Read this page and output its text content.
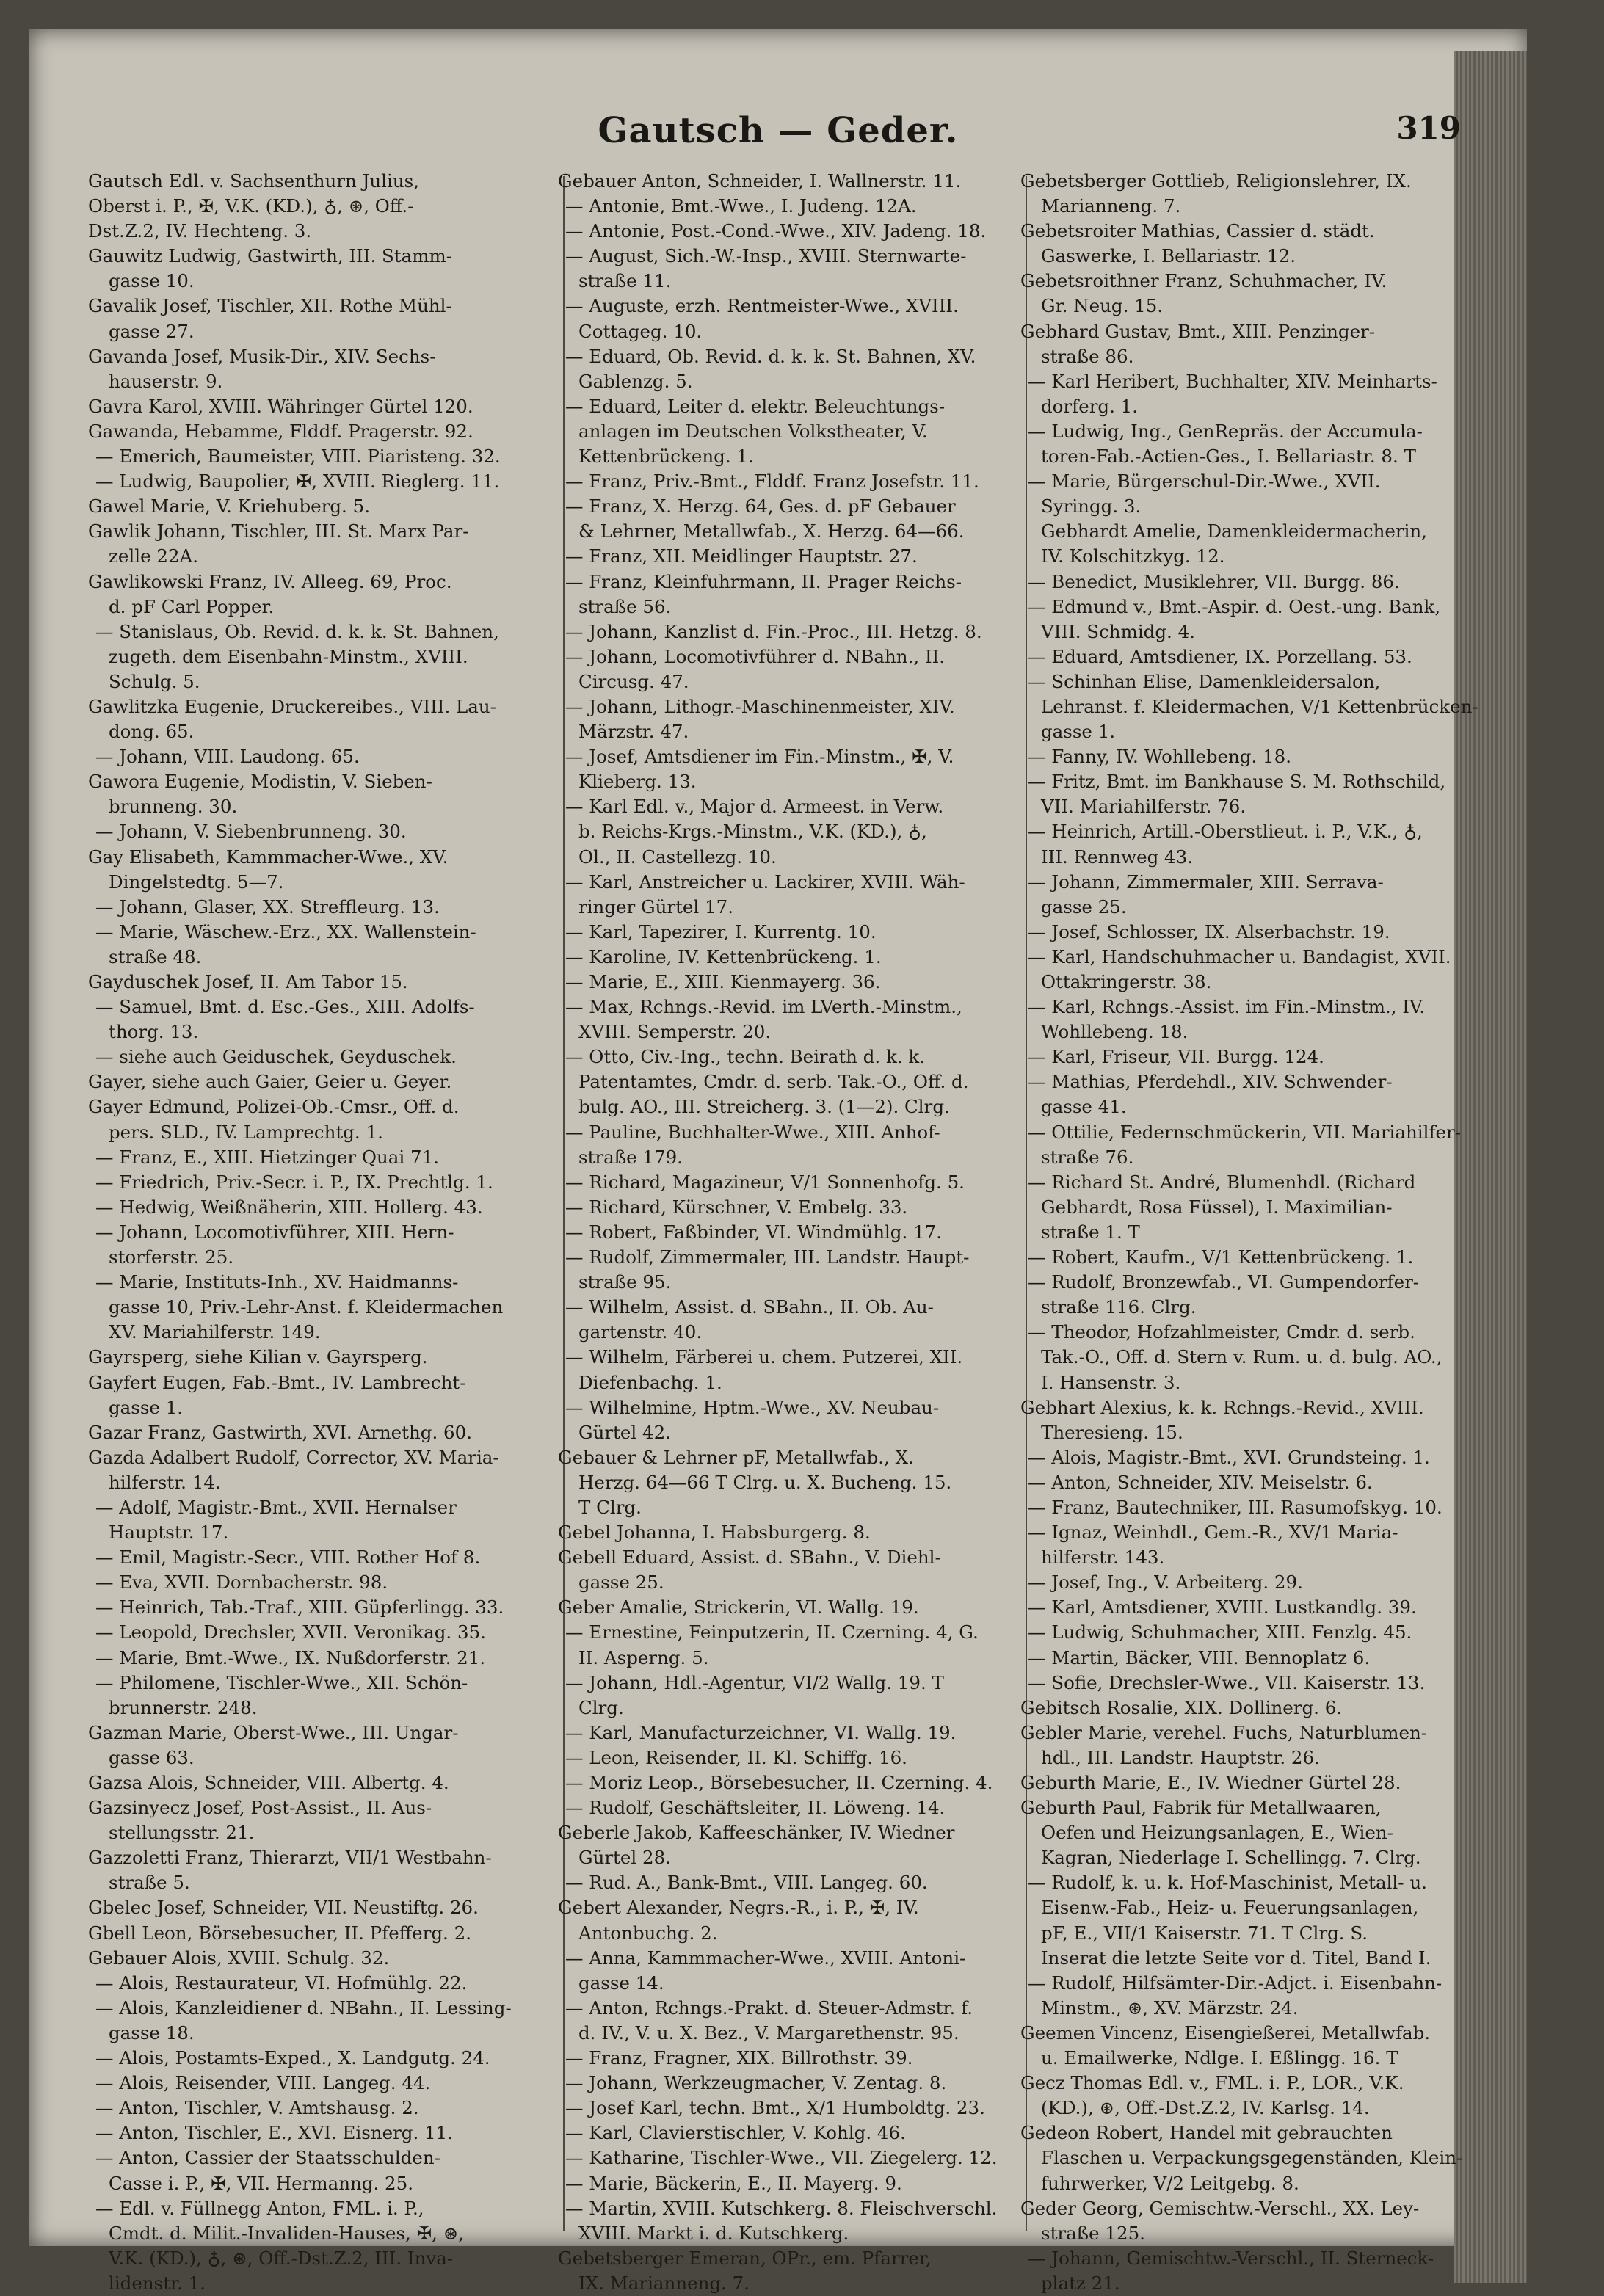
Gautsch — Geder.	319
Gautsch Edl. v. Sachsenthurn Julius,
Oberst i. P., ✠, V.K. (KD.), ♁, ⊛, Off.-
Dst.Z.2, IV. Hechteng. 3.
Gauwitz Ludwig, Gastwirth, III. Stamm-
gasse 10.
Gavalik Josef, Tischler, XII. Rothe Mühl-
gasse 27.
Gavanda Josef, Musik-Dir., XIV. Sechs-
hauserstr. 9.
Gavra Karol, XVIII. Währinger Gürtel 120.
Gawanda, Hebamme, Flddf. Pragerstr. 92.
— Emerich, Baumeister, VIII. Piaristeng. 32.
— Ludwig, Baupolier, ✠, XVIII. Rieglerg. 11.
Gawel Marie, V. Kriehuberg. 5.
Gawlik Johann, Tischler, III. St. Marx Par-
zelle 22A.
Gawlikowski Franz, IV. Alleeg. 69, Proc.
d. pF Carl Popper.
— Stanislaus, Ob. Revid. d. k. k. St. Bahnen,
zugeth. dem Eisenbahn-Minstm., XVIII.
Schulg. 5.
Gawlitzka Eugenie, Druckereibes., VIII. Lau-
dong. 65.
— Johann, VIII. Laudong. 65.
Gawora Eugenie, Modistin, V. Sieben-
brunneng. 30.
— Johann, V. Siebenbrunneng. 30.
Gay Elisabeth, Kammmacher-Wwe., XV.
Dingelstedtg. 5—7.
— Johann, Glaser, XX. Streffleurg. 13.
— Marie, Wäschew.-Erz., XX. Wallenstein-
straße 48.
Gayduschek Josef, II. Am Tabor 15.
— Samuel, Bmt. d. Esc.-Ges., XIII. Adolfs-
thorg. 13.
— siehe auch Geiduschek, Geyduschek.
Gayer, siehe auch Gaier, Geier u. Geyer.
Gayer Edmund, Polizei-Ob.-Cmsr., Off. d.
pers. SLD., IV. Lamprechtg. 1.
— Franz, E., XIII. Hietzinger Quai 71.
— Friedrich, Priv.-Secr. i. P., IX. Prechtlg. 1.
— Hedwig, Weißnäherin, XIII. Hollerg. 43.
— Johann, Locomotivführer, XIII. Hern-
storferstr. 25.
— Marie, Instituts-Inh., XV. Haidmanns-
gasse 10, Priv.-Lehr-Anst. f. Kleidermachen
XV. Mariahilferstr. 149.
Gayrsperg, siehe Kilian v. Gayrsperg.
Gayfert Eugen, Fab.-Bmt., IV. Lambrecht-
gasse 1.
Gazar Franz, Gastwirth, XVI. Arnethg. 60.
Gazda Adalbert Rudolf, Corrector, XV. Maria-
hilferstr. 14.
— Adolf, Magistr.-Bmt., XVII. Hernalser
Hauptstr. 17.
— Emil, Magistr.-Secr., VIII. Rother Hof 8.
— Eva, XVII. Dornbacherstr. 98.
— Heinrich, Tab.-Traf., XIII. Güpferlingg. 33.
— Leopold, Drechsler, XVII. Veronikag. 35.
— Marie, Bmt.-Wwe., IX. Nußdorferstr. 21.
— Philomene, Tischler-Wwe., XII. Schön-
brunnerstr. 248.
Gazman Marie, Oberst-Wwe., III. Ungar-
gasse 63.
Gazsa Alois, Schneider, VIII. Albertg. 4.
Gazsinyecz Josef, Post-Assist., II. Aus-
stellungsstr. 21.
Gazzoletti Franz, Thierarzt, VII/1 Westbahn-
straße 5.
Gbelec Josef, Schneider, VII. Neustiftg. 26.
Gbell Leon, Börsebesucher, II. Pfefferg. 2.
Gebauer Alois, XVIII. Schulg. 32.
— Alois, Restaurateur, VI. Hofmühlg. 22.
— Alois, Kanzleidiener d. NBahn., II. Lessing-
gasse 18.
— Alois, Postamts-Exped., X. Landgutg. 24.
— Alois, Reisender, VIII. Langeg. 44.
— Anton, Tischler, V. Amtshausg. 2.
— Anton, Tischler, E., XVI. Eisnerg. 11.
— Anton, Cassier der Staatsschulden-
Casse i. P., ✠, VII. Hermanng. 25.
— Edl. v. Füllnegg Anton, FML. i. P.,
Cmdt. d. Milit.-Invaliden-Hauses, ✠, ⊛,
V.K. (KD.), ♁, ⊛, Off.-Dst.Z.2, III. Inva-
lidenstr. 1.
Gebauer Anton, Schneider, I. Wallnerstr. 11.
— Antonie, Bmt.-Wwe., I. Judeng. 12A.
— Antonie, Post.-Cond.-Wwe., XIV. Jadeng. 18.
— August, Sich.-W.-Insp., XVIII. Sternwarte-
straße 11.
— Auguste, erzh. Rentmeister-Wwe., XVIII.
Cottageg. 10.
— Eduard, Ob. Revid. d. k. k. St. Bahnen, XV.
Gablenzg. 5.
— Eduard, Leiter d. elektr. Beleuchtungs-
anlagen im Deutschen Volkstheater, V.
Kettenbrückeng. 1.
— Franz, Priv.-Bmt., Flddf. Franz Josefstr. 11.
— Franz, X. Herzg. 64, Ges. d. pF Gebauer
& Lehrner, Metallwfab., X. Herzg. 64—66.
— Franz, XII. Meidlinger Hauptstr. 27.
— Franz, Kleinfuhrmann, II. Prager Reichs-
straße 56.
— Johann, Kanzlist d. Fin.-Proc., III. Hetzg. 8.
— Johann, Locomotivführer d. NBahn., II.
Circusg. 47.
— Johann, Lithogr.-Maschinenmeister, XIV.
Märzstr. 47.
— Josef, Amtsdiener im Fin.-Minstm., ✠, V.
Klieberg. 13.
— Karl Edl. v., Major d. Armeest. in Verw.
b. Reichs-Krgs.-Minstm., V.K. (KD.), ♁,
Ol., II. Castellezg. 10.
— Karl, Anstreicher u. Lackirer, XVIII. Wäh-
ringer Gürtel 17.
— Karl, Tapezirer, I. Kurrentg. 10.
— Karoline, IV. Kettenbrückeng. 1.
— Marie, E., XIII. Kienmayerg. 36.
— Max, Rchngs.-Revid. im LVerth.-Minstm.,
XVIII. Semperstr. 20.
— Otto, Civ.-Ing., techn. Beirath d. k. k.
Patentamtes, Cmdr. d. serb. Tak.-O., Off. d.
bulg. AO., III. Streicherg. 3. (1—2). Clrg.
— Pauline, Buchhalter-Wwe., XIII. Anhof-
straße 179.
— Richard, Magazineur, V/1 Sonnenhofg. 5.
— Richard, Kürschner, V. Embelg. 33.
— Robert, Faßbinder, VI. Windmühlg. 17.
— Rudolf, Zimmermaler, III. Landstr. Haupt-
straße 95.
— Wilhelm, Assist. d. SBahn., II. Ob. Au-
gartenstr. 40.
— Wilhelm, Färberei u. chem. Putzerei, XII.
Diefenbachg. 1.
— Wilhelmine, Hptm.-Wwe., XV. Neubau-
Gürtel 42.
Gebauer & Lehrner pF, Metallwfab., X.
Herzg. 64—66 T Clrg. u. X. Bucheng. 15.
T Clrg.
Gebel Johanna, I. Habsburgerg. 8.
Gebell Eduard, Assist. d. SBahn., V. Diehl-
gasse 25.
Geber Amalie, Strickerin, VI. Wallg. 19.
— Ernestine, Feinputzerin, II. Czerning. 4, G.
II. Asperng. 5.
— Johann, Hdl.-Agentur, VI/2 Wallg. 19. T
Clrg.
— Karl, Manufacturzeichner, VI. Wallg. 19.
— Leon, Reisender, II. Kl. Schiffg. 16.
— Moriz Leop., Börsebesucher, II. Czerning. 4.
— Rudolf, Geschäftsleiter, II. Löweng. 14.
Geberle Jakob, Kaffeeschänker, IV. Wiedner
Gürtel 28.
— Rud. A., Bank-Bmt., VIII. Langeg. 60.
Gebert Alexander, Negrs.-R., i. P., ✠, IV.
Antonbuchg. 2.
— Anna, Kammmacher-Wwe., XVIII. Antoni-
gasse 14.
— Anton, Rchngs.-Prakt. d. Steuer-Admstr. f.
d. IV., V. u. X. Bez., V. Margarethenstr. 95.
— Franz, Fragner, XIX. Billrothstr. 39.
— Johann, Werkzeugmacher, V. Zentag. 8.
— Josef Karl, techn. Bmt., X/1 Humboldtg. 23.
— Karl, Clavierstischler, V. Kohlg. 46.
— Katharine, Tischler-Wwe., VII. Ziegelerg. 12.
— Marie, Bäckerin, E., II. Mayerg. 9.
— Martin, XVIII. Kutschkerg. 8. Fleischverschl.
XVIII. Markt i. d. Kutschkerg.
Gebetsberger Emeran, OPr., em. Pfarrer,
IX. Marianneng. 7.
Gebetsberger Gottlieb, Religionslehrer, IX.
Marianneng. 7.
Gebetsroiter Mathias, Cassier d. städt.
Gaswerke, I. Bellariastr. 12.
Gebetsroithner Franz, Schuhmacher, IV.
Gr. Neug. 15.
Gebhard Gustav, Bmt., XIII. Penzinger-
straße 86.
— Karl Heribert, Buchhalter, XIV. Meinharts-
dorferg. 1.
— Ludwig, Ing., GenRepräs. der Accumula-
toren-Fab.-Actien-Ges., I. Bellariastr. 8. T
— Marie, Bürgerschul-Dir.-Wwe., XVII.
Syringg. 3.
Gebhardt Amelie, Damenkleidermacherin,
IV. Kolschitzkyg. 12.
— Benedict, Musiklehrer, VII. Burgg. 86.
— Edmund v., Bmt.-Aspir. d. Oest.-ung. Bank,
VIII. Schmidg. 4.
— Eduard, Amtsdiener, IX. Porzellang. 53.
— Schinhan Elise, Damenkleidersalon,
Lehranst. f. Kleidermachen, V/1 Kettenbrücken-
gasse 1.
— Fanny, IV. Wohllebeng. 18.
— Fritz, Bmt. im Bankhause S. M. Rothschild,
VII. Mariahilferstr. 76.
— Heinrich, Artill.-Oberstlieut. i. P., V.K., ♁,
III. Rennweg 43.
— Johann, Zimmermaler, XIII. Serrava-
gasse 25.
— Josef, Schlosser, IX. Alserbachstr. 19.
— Karl, Handschuhmacher u. Bandagist, XVII.
Ottakringerstr. 38.
— Karl, Rchngs.-Assist. im Fin.-Minstm., IV.
Wohllebeng. 18.
— Karl, Friseur, VII. Burgg. 124.
— Mathias, Pferdehdl., XIV. Schwender-
gasse 41.
— Ottilie, Federnschmückerin, VII. Mariahilfer-
straße 76.
— Richard St. André, Blumenhdl. (Richard
Gebhardt, Rosa Füssel), I. Maximilian-
straße 1. T
— Robert, Kaufm., V/1 Kettenbrückeng. 1.
— Rudolf, Bronzewfab., VI. Gumpendorfer-
straße 116. Clrg.
— Theodor, Hofzahlmeister, Cmdr. d. serb.
Tak.-O., Off. d. Stern v. Rum. u. d. bulg. AO.,
I. Hansenstr. 3.
Gebhart Alexius, k. k. Rchngs.-Revid., XVIII.
Theresieng. 15.
— Alois, Magistr.-Bmt., XVI. Grundsteing. 1.
— Anton, Schneider, XIV. Meiselstr. 6.
— Franz, Bautechniker, III. Rasumofskyg. 10.
— Ignaz, Weinhdl., Gem.-R., XV/1 Maria-
hilferstr. 143.
— Josef, Ing., V. Arbeiterg. 29.
— Karl, Amtsdiener, XVIII. Lustkandlg. 39.
— Ludwig, Schuhmacher, XIII. Fenzlg. 45.
— Martin, Bäcker, VIII. Bennoplatz 6.
— Sofie, Drechsler-Wwe., VII. Kaiserstr. 13.
Gebitsch Rosalie, XIX. Dollinerg. 6.
Gebler Marie, verehel. Fuchs, Naturblumen-
hdl., III. Landstr. Hauptstr. 26.
Geburth Marie, E., IV. Wiedner Gürtel 28.
Geburth Paul, Fabrik für Metallwaaren,
Oefen und Heizungsanlagen, E., Wien-
Kagran, Niederlage I. Schellingg. 7. Clrg.
— Rudolf, k. u. k. Hof-Maschinist, Metall- u.
Eisenw.-Fab., Heiz- u. Feuerungsanlagen,
pF, E., VII/1 Kaiserstr. 71. T Clrg. S.
Inserat die letzte Seite vor d. Titel, Band I.
— Rudolf, Hilfsämter-Dir.-Adjct. i. Eisenbahn-
Minstm., ⊛, XV. Märzstr. 24.
Geemen Vincenz, Eisengießerei, Metallwfab.
u. Emailwerke, Ndlge. I. Eßlingg. 16. T
Gecz Thomas Edl. v., FML. i. P., LOR., V.K.
(KD.), ⊛, Off.-Dst.Z.2, IV. Karlsg. 14.
Gedeon Robert, Handel mit gebrauchten
Flaschen u. Verpackungsgegenständen, Klein-
fuhrwerker, V/2 Leitgebg. 8.
Geder Georg, Gemischtw.-Verschl., XX. Ley-
straße 125.
— Johann, Gemischtw.-Verschl., II. Sterneck-
platz 21.
